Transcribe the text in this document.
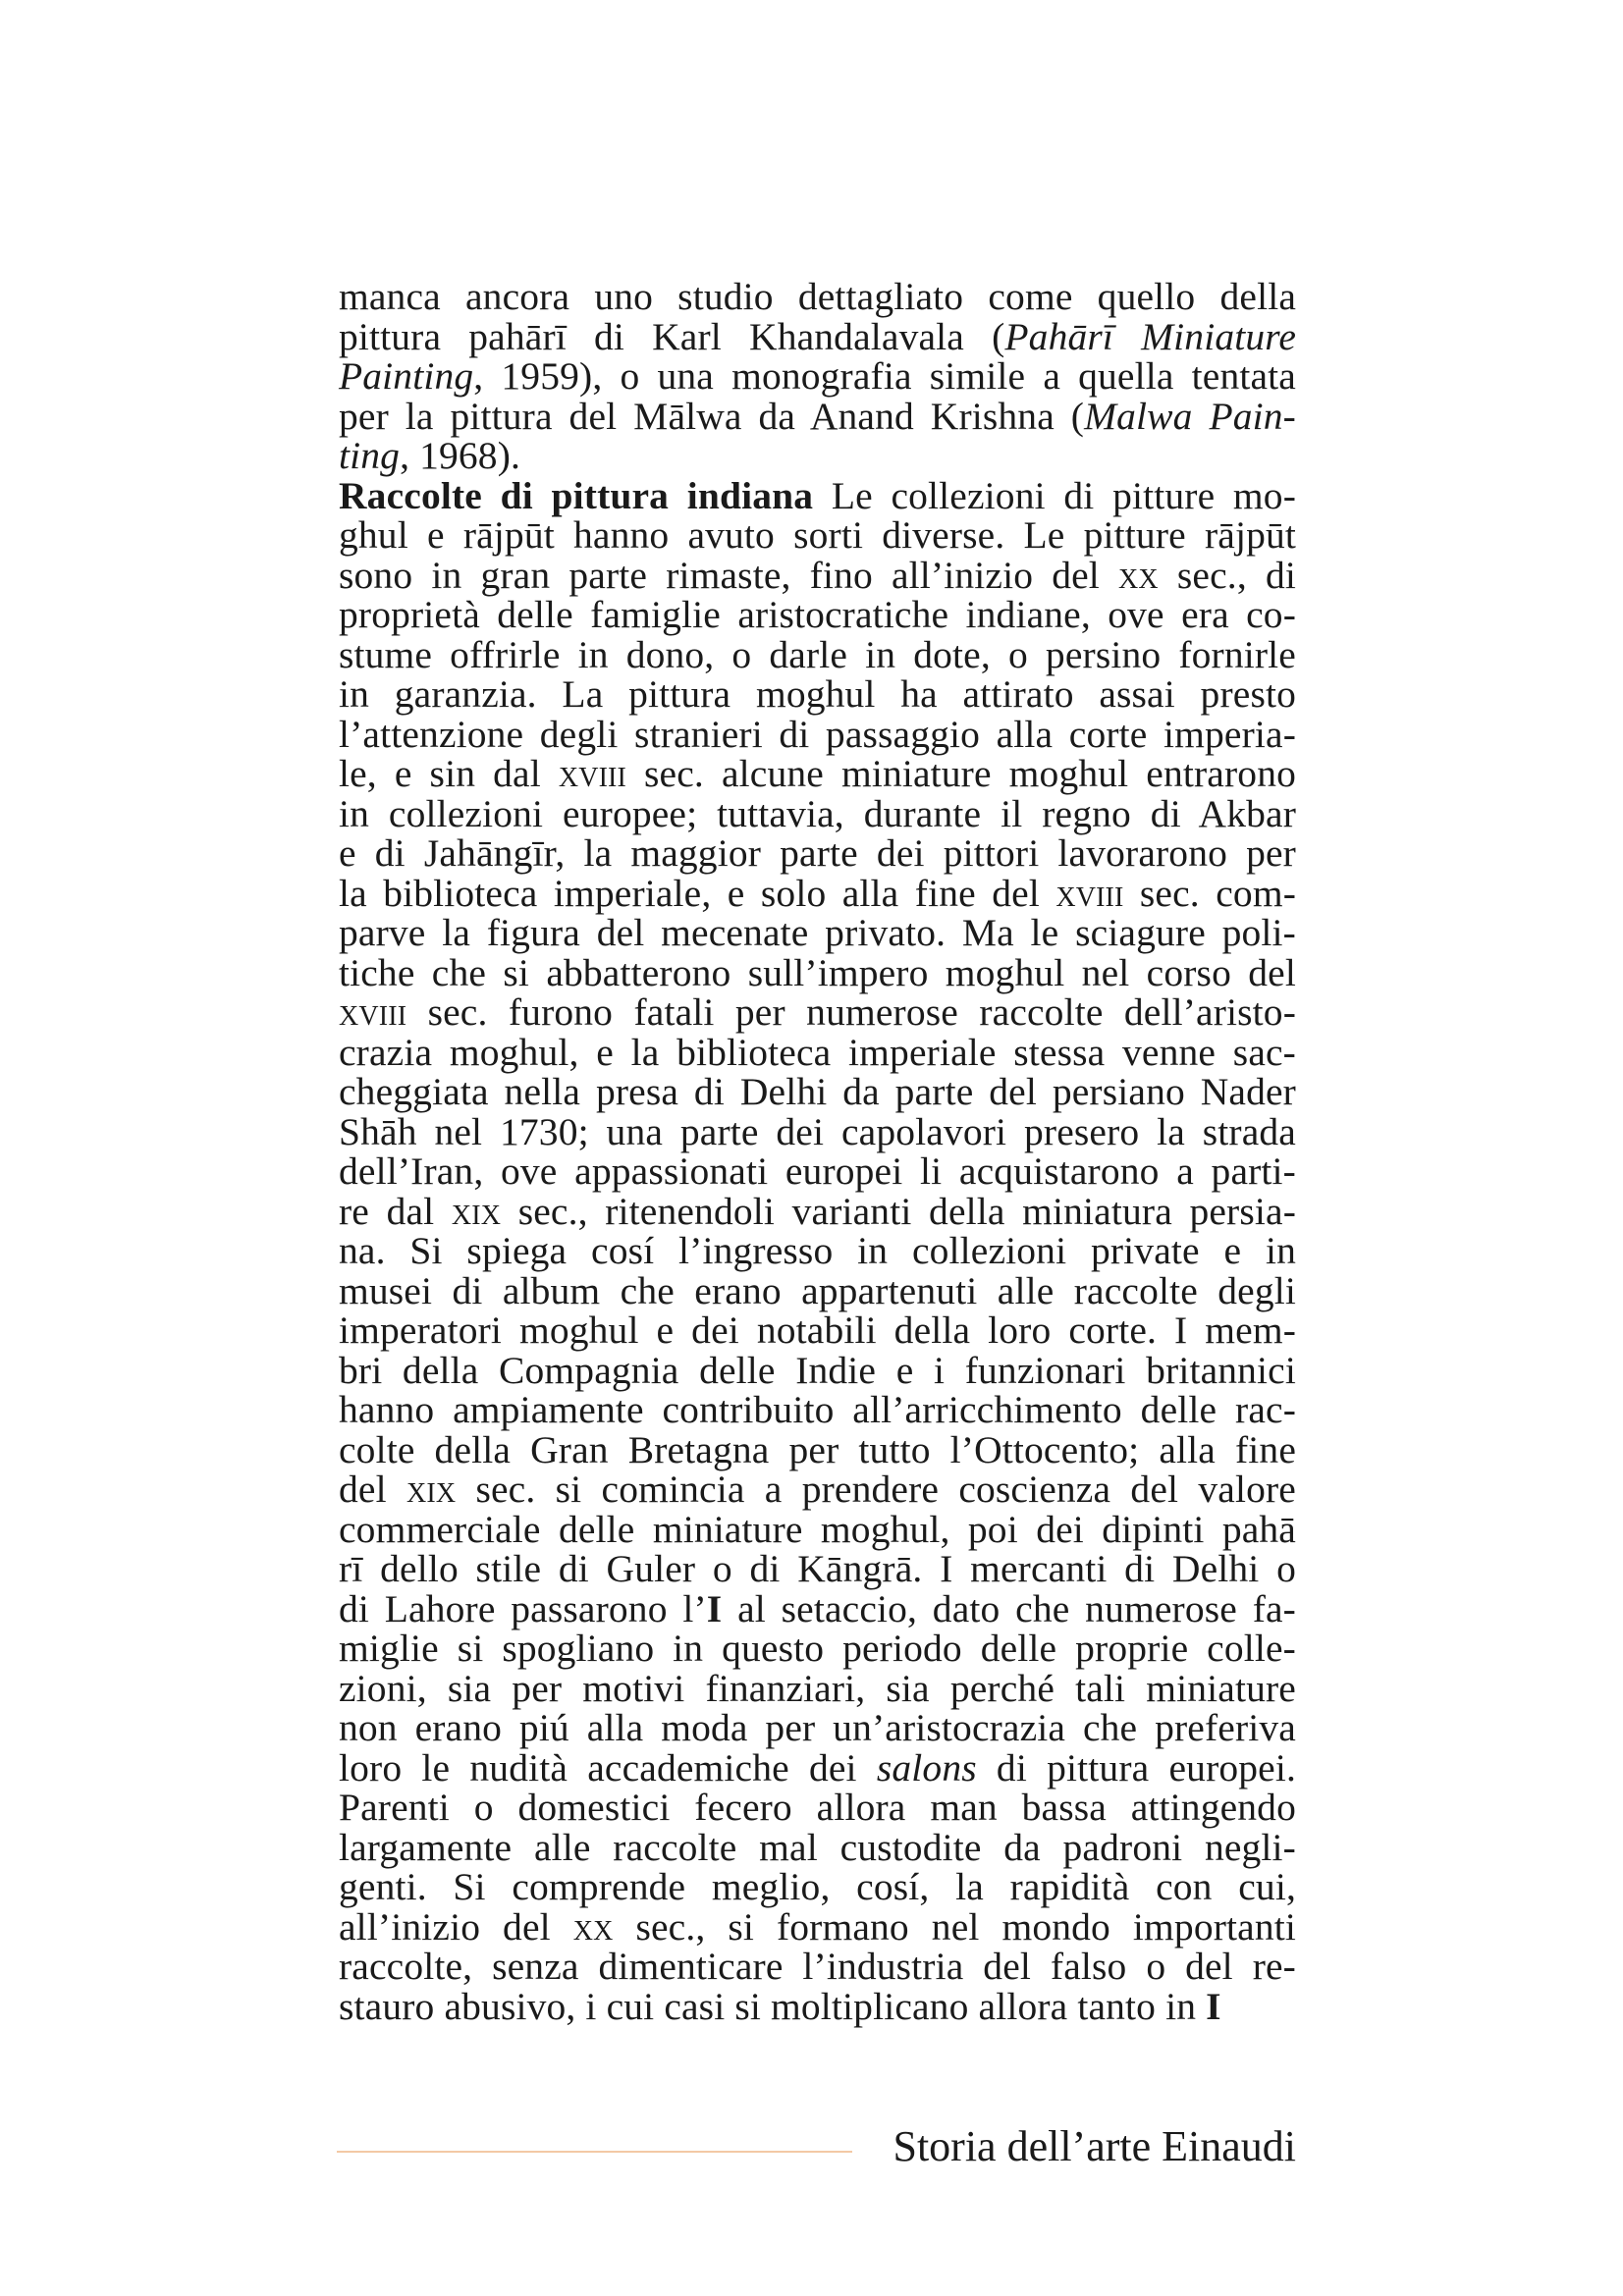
manca ancora uno studio dettagliato come quello della
pittura pahārī di Karl Khandalavala (Pahārī Miniature
Painting, 1959), o una monografia simile a quella tentata
per la pittura del Mālwa da Anand Krishna (Malwa Pain-
ting, 1968).
Raccolte di pittura indiana Le collezioni di pitture mo-
ghul e rājpūt hanno avuto sorti diverse. Le pitture rājpūt
sono in gran parte rimaste, fino all’inizio del xx sec., di
proprietà delle famiglie aristocratiche indiane, ove era co-
stume offrirle in dono, o darle in dote, o persino fornirle
in garanzia. La pittura moghul ha attirato assai presto
l’attenzione degli stranieri di passaggio alla corte imperia-
le, e sin dal xviii sec. alcune miniature moghul entrarono
in collezioni europee; tuttavia, durante il regno di Akbar
e di Jahāngīr, la maggior parte dei pittori lavorarono per
la biblioteca imperiale, e solo alla fine del xviii sec. com-
parve la figura del mecenate privato. Ma le sciagure poli-
tiche che si abbatterono sull’impero moghul nel corso del
xviii sec. furono fatali per numerose raccolte dell’aristo-
crazia moghul, e la biblioteca imperiale stessa venne sac-
cheggiata nella presa di Delhi da parte del persiano Nader
Shāh nel 1730; una parte dei capolavori presero la strada
dell’Iran, ove appassionati europei li acquistarono a parti-
re dal xix sec., ritenendoli varianti della miniatura persia-
na. Si spiega cosí l’ingresso in collezioni private e in
musei di album che erano appartenuti alle raccolte degli
imperatori moghul e dei notabili della loro corte. I mem-
bri della Compagnia delle Indie e i funzionari britannici
hanno ampiamente contribuito all’arricchimento delle rac-
colte della Gran Bretagna per tutto l’Ottocento; alla fine
del xix sec. si comincia a prendere coscienza del valore
commerciale delle miniature moghul, poi dei dipinti pahā
rī dello stile di Guler o di Kāngrā. I mercanti di Delhi o
di Lahore passarono l’I al setaccio, dato che numerose fa-
miglie si spogliano in questo periodo delle proprie colle-
zioni, sia per motivi finanziari, sia perché tali miniature
non erano piú alla moda per un’aristocrazia che preferiva
loro le nudità accademiche dei salons di pittura europei.
Parenti o domestici fecero allora man bassa attingendo
largamente alle raccolte mal custodite da padroni negli-
genti. Si comprende meglio, cosí, la rapidità con cui,
all’inizio del xx sec., si formano nel mondo importanti
raccolte, senza dimenticare l’industria del falso o del re-
stauro abusivo, i cui casi si moltiplicano allora tanto in I
Storia dell’arte Einaudi
